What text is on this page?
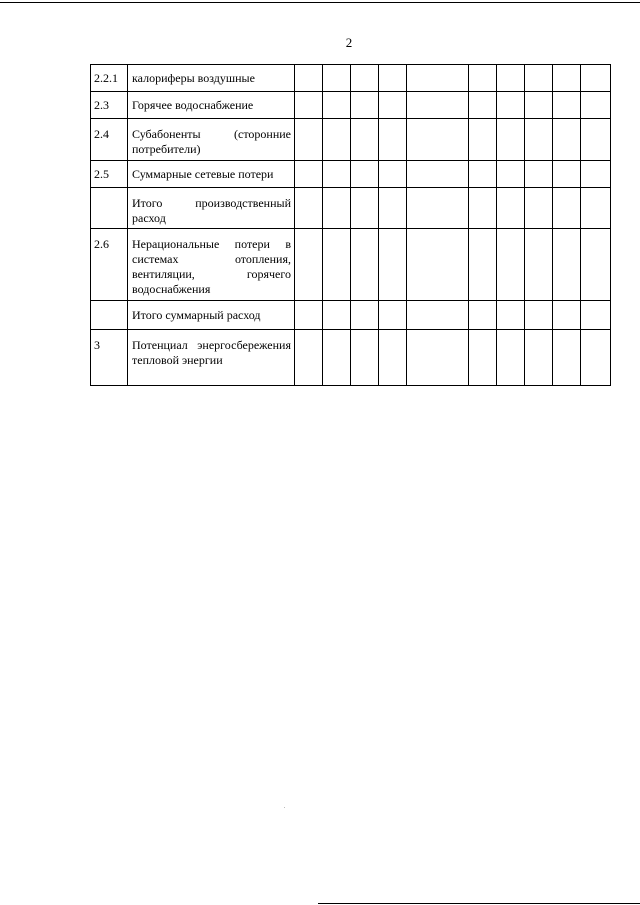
2
2.2.1	калориферы воздушные										

2.3	Горячее водоснабжение										

2.4	Субабоненты (сторонние потребители)										

2.5	Суммарные сетевые потери										

	Итого производственный расход										

2.6	Нерациональные потери в системах отопления, вентиляции, горячего водоснабжения										

	Итого суммарный расход										

3	Потенциал энергосбережения тепловой энергии										
